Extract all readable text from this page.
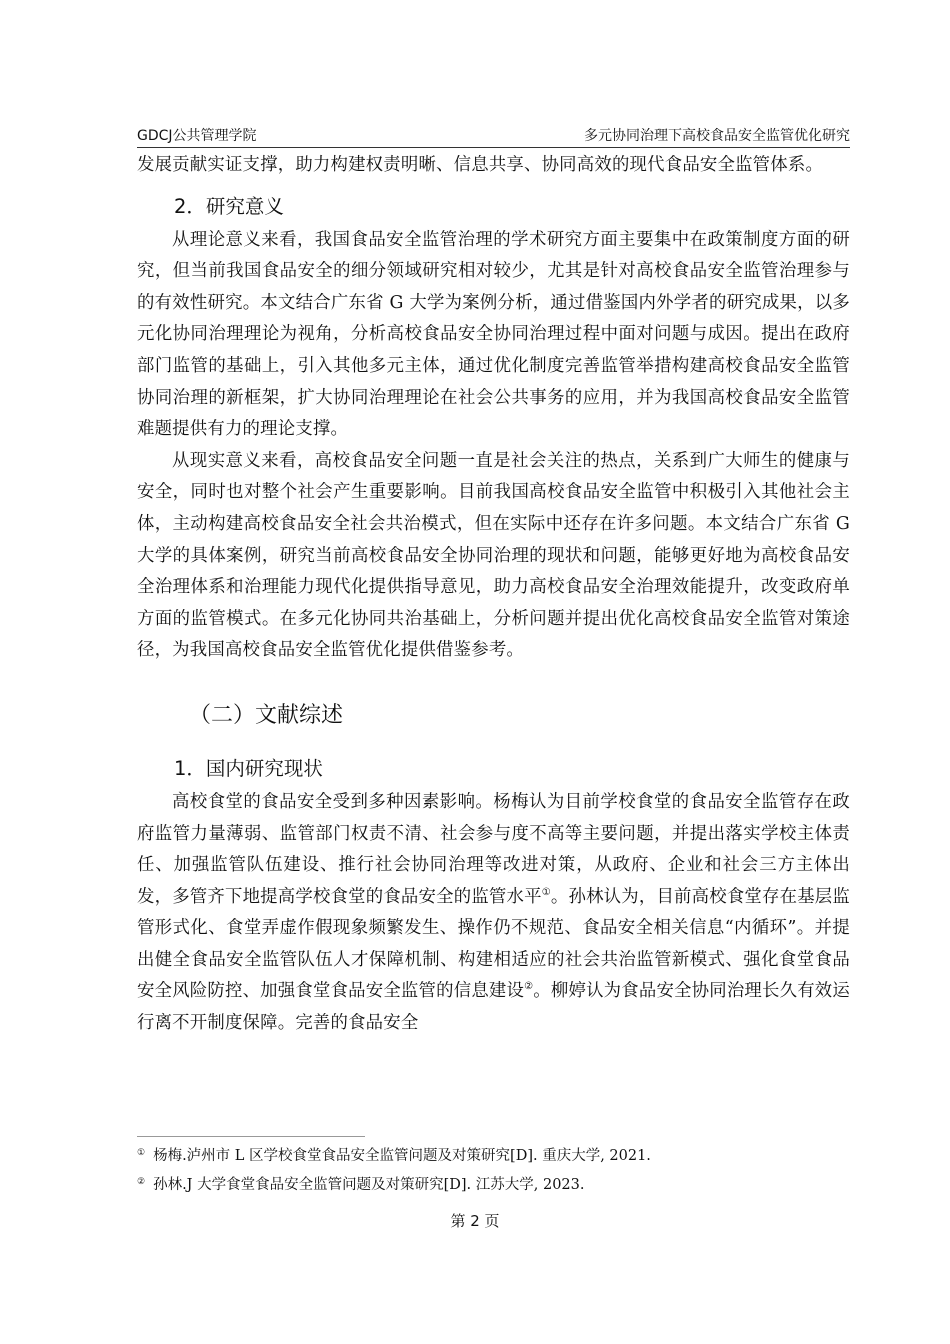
GDCJ公共管理学院	多元协同治理下高校食品安全监管优化研究

发展贡献实证支撑，助力构建权责明晰、信息共享、协同高效的现代食品安全监管体系。

2．研究意义

从理论意义来看，我国食品安全监管治理的学术研究方面主要集中在政策制度方面的研究，但当前我国食品安全的细分领域研究相对较少，尤其是针对高校食品安全监管治理参与的有效性研究。本文结合广东省 G 大学为案例分析，通过借鉴国内外学者的研究成果，以多元化协同治理理论为视角，分析高校食品安全协同治理过程中面对问题与成因。提出在政府部门监管的基础上，引入其他多元主体，通过优化制度完善监管举措构建高校食品安全监管协同治理的新框架，扩大协同治理理论在社会公共事务的应用，并为我国高校食品安全监管难题提供有力的理论支撑。

从现实意义来看，高校食品安全问题一直是社会关注的热点，关系到广大师生的健康与安全，同时也对整个社会产生重要影响。目前我国高校食品安全监管中积极引入其他社会主体，主动构建高校食品安全社会共治模式，但在实际中还存在许多问题。本文结合广东省 G 大学的具体案例，研究当前高校食品安全协同治理的现状和问题，能够更好地为高校食品安全治理体系和治理能力现代化提供指导意见，助力高校食品安全治理效能提升，改变政府单方面的监管模式。在多元化协同共治基础上，分析问题并提出优化高校食品安全监管对策途径，为我国高校食品安全监管优化提供借鉴参考。

（二）文献综述
1．国内研究现状

高校食堂的食品安全受到多种因素影响。杨梅认为目前学校食堂的食品安全监管存在政府监管力量薄弱、监管部门权责不清、社会参与度不高等主要问题，并提出落实学校主体责任、加强监管队伍建设、推行社会协同治理等改进对策，从政府、企业和社会三方主体出发，多管齐下地提高学校食堂的食品安全的监管水平①。孙林认为，目前高校食堂存在基层监管形式化、食堂弄虚作假现象频繁发生、操作仍不规范、食品安全相关信息“内循环”。并提出健全食品安全监管队伍人才保障机制、构建相适应的社会共治监管新模式、强化食堂食品安全风险防控、加强食堂食品安全监管的信息建设②。柳婷认为食品安全协同治理长久有效运行离不开制度保障。完善的食品安全

① 杨梅.泸州市 L 区学校食堂食品安全监管问题及对策研究[D]. 重庆大学, 2021.
② 孙林.J 大学食堂食品安全监管问题及对策研究[D]. 江苏大学, 2023.
第 2 页
